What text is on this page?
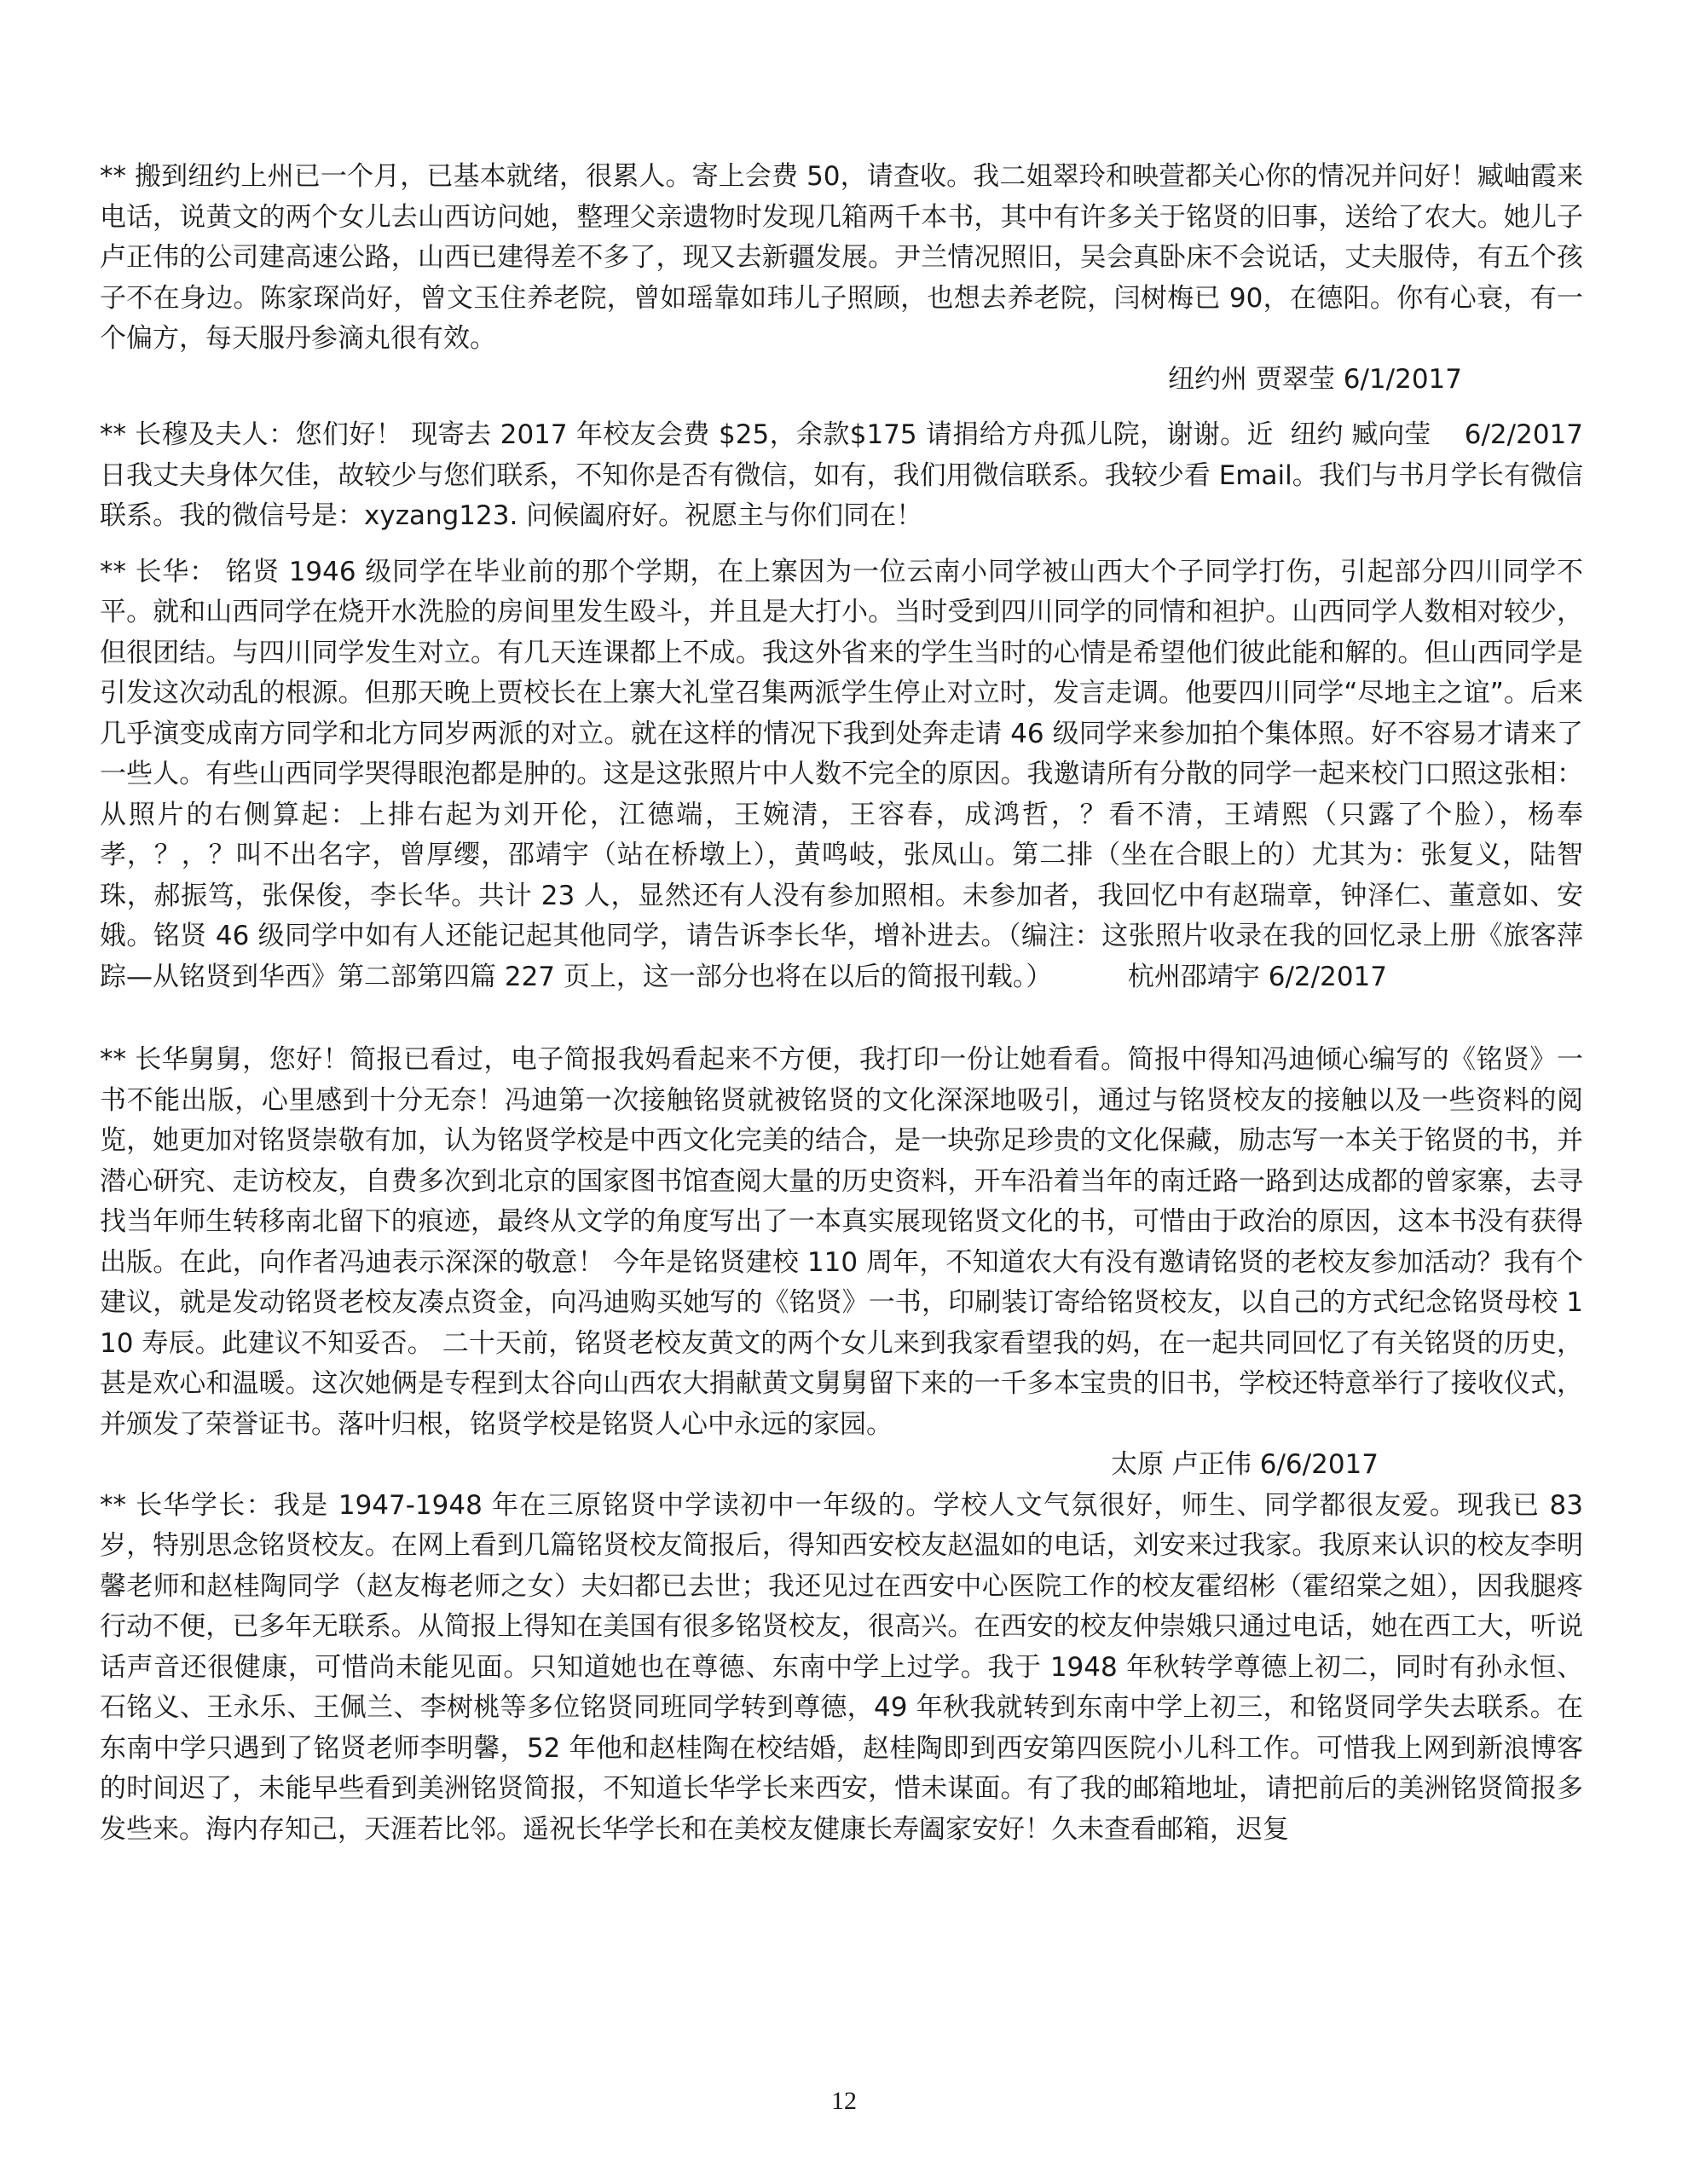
** 搬到纽约上州已一个月，已基本就绪，很累人。寄上会费 50，请查收。我二姐翠玲和映萱都关心你的情况并问好！臧岫霞来电话，说黄文的两个女儿去山西访问她，整理父亲遗物时发现几箱两千本书，其中有许多关于铭贤的旧事，送给了农大。她儿子卢正伟的公司建高速公路，山西已建得差不多了，现又去新疆发展。尹兰情况照旧，吴会真卧床不会说话，丈夫服侍，有五个孩子不在身边。陈家琛尚好，曾文玉住养老院，曾如瑶靠如玮儿子照顾，也想去养老院，闫树梅已 90，在德阳。你有心衰，有一个偏方，每天服丹参滴丸很有效。
纽约州 贾翠莹 6/1/2017
纽约 臧向莹    6/2/2017
** 长穆及夫人：您们好！ 现寄去 2017 年校友会费 $25，余款$175 请捐给方舟孤儿院，谢谢。近日我丈夫身体欠佳，故较少与您们联系，不知你是否有微信，如有，我们用微信联系。我较少看 Email。我们与书月学长有微信联系。我的微信号是：xyzang123. 问候阖府好。祝愿主与你们同在！
** 长华： 铭贤 1946 级同学在毕业前的那个学期，在上寨因为一位云南小同学被山西大个子同学打伤，引起部分四川同学不平。就和山西同学在烧开水洗脸的房间里发生殴斗，并且是大打小。当时受到四川同学的同情和袒护。山西同学人数相对较少，但很团结。与四川同学发生对立。有几天连课都上不成。我这外省来的学生当时的心情是希望他们彼此能和解的。但山西同学是引发这次动乱的根源。但那天晚上贾校长在上寨大礼堂召集两派学生停止对立时，发言走调。他要四川同学“尽地主之谊”。后来几乎演变成南方同学和北方同岁两派的对立。就在这样的情况下我到处奔走请 46 级同学来参加拍个集体照。好不容易才请来了一些人。有些山西同学哭得眼泡都是肿的。这是这张照片中人数不完全的原因。我邀请所有分散的同学一起来校门口照这张相：从照片的右侧算起：上排右起为刘开伦，江德端，王婉清，王容春，成鸿哲，？看不清，王靖熙（只露了个脸），杨奉孝，？，？叫不出名字，曾厚缨，邵靖宇（站在桥墩上），黄鸣岐，张凤山。第二排（坐在合眼上的）尤其为：张复义，陆智珠，郝振笃，张保俊，李长华。共计 23 人，显然还有人没有参加照相。未参加者，我回忆中有赵瑞章，钟泽仁、董意如、安娥。铭贤 46 级同学中如有人还能记起其他同学，请告诉李长华，增补进去。（编注：这张照片收录在我的回忆录上册《旅客萍踪—从铭贤到华西》第二部第四篇 227 页上，这一部分也将在以后的简报刊载。）	杭州邵靖宇 6/2/2017
** 长华舅舅，您好！简报已看过，电子简报我妈看起来不方便，我打印一份让她看看。简报中得知冯迪倾心编写的《铭贤》一书不能出版，心里感到十分无奈！冯迪第一次接触铭贤就被铭贤的文化深深地吸引，通过与铭贤校友的接触以及一些资料的阅览，她更加对铭贤崇敬有加，认为铭贤学校是中西文化完美的结合，是一块弥足珍贵的文化保藏，励志写一本关于铭贤的书，并潜心研究、走访校友，自费多次到北京的国家图书馆查阅大量的历史资料，开车沿着当年的南迁路一路到达成都的曾家寨，去寻找当年师生转移南北留下的痕迹，最终从文学的角度写出了一本真实展现铭贤文化的书，可惜由于政治的原因，这本书没有获得出版。在此，向作者冯迪表示深深的敬意！ 今年是铭贤建校 110 周年，不知道农大有没有邀请铭贤的老校友参加活动？我有个建议，就是发动铭贤老校友凑点资金，向冯迪购买她写的《铭贤》一书，印刷装订寄给铭贤校友，以自己的方式纪念铭贤母校 110 寿辰。此建议不知妥否。 二十天前，铭贤老校友黄文的两个女儿来到我家看望我的妈，在一起共同回忆了有关铭贤的历史，甚是欢心和温暖。这次她俩是专程到太谷向山西农大捐献黄文舅舅留下来的一千多本宝贵的旧书，学校还特意举行了接收仪式，并颁发了荣誉证书。落叶归根，铭贤学校是铭贤人心中永远的家园。
太原 卢正伟 6/6/2017
** 长华学长：我是 1947-1948 年在三原铭贤中学读初中一年级的。学校人文气氛很好，师生、同学都很友爱。现我已 83 岁，特别思念铭贤校友。在网上看到几篇铭贤校友简报后，得知西安校友赵温如的电话，刘安来过我家。我原来认识的校友李明馨老师和赵桂陶同学（赵友梅老师之女）夫妇都已去世；我还见过在西安中心医院工作的校友霍绍彬（霍绍棠之姐），因我腿疼行动不便，已多年无联系。从简报上得知在美国有很多铭贤校友，很高兴。在西安的校友仲崇娥只通过电话，她在西工大，听说话声音还很健康，可惜尚未能见面。只知道她也在尊德、东南中学上过学。我于 1948 年秋转学尊德上初二，同时有孙永恒、石铭义、王永乐、王佩兰、李树桃等多位铭贤同班同学转到尊德，49 年秋我就转到东南中学上初三，和铭贤同学失去联系。在东南中学只遇到了铭贤老师李明馨，52 年他和赵桂陶在校结婚，赵桂陶即到西安第四医院小儿科工作。可惜我上网到新浪博客的时间迟了，未能早些看到美洲铭贤简报，不知道长华学长来西安，惜未谋面。有了我的邮箱地址，请把前后的美洲铭贤简报多发些来。海内存知己，天涯若比邻。遥祝长华学长和在美校友健康长寿阖家安好！久未查看邮箱，迟复
12
